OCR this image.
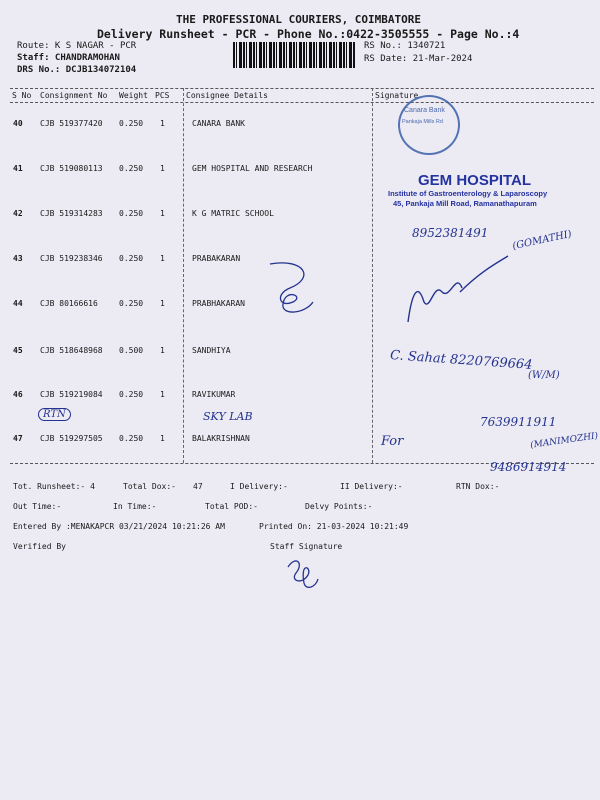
THE PROFESSIONAL COURIERS, COIMBATORE
Delivery Runsheet - PCR - Phone No.:0422-3505555 - Page No.:4
Route: K S NAGAR - PCR
Staff: CHANDRAMOHAN
DRS No.: DCJB134072104
RS No.: 1340721
RS Date: 21-Mar-2024
S No Consignment No Weight PCS Consignee Details	Signature
40 CJB 519377420 0.250 1	CANARA BANK
41 CJB 519080113 0.250 1	GEM HOSPITAL AND RESEARCH
42 CJB 519314283 0.250 1	K G MATRIC SCHOOL
43 CJB 519238346 0.250 1	PRABAKARAN
44 CJB 80166616	0.250 1	PRABHAKARAN
45 CJB 518648968 0.500 1	SANDHIYA
46 CJB 519219084 0.250 1	RAVIKUMAR
47 CJB 519297505 0.250 1	BALAKRISHNAN
Canara Bank
Pankaja Mills Rd
GEM HOSPITAL
Institute of Gastroenterology & Laparoscopy
45, Pankaja Mill Road, Ramanathapuram
(GOMATHI)
8952381491
C. Sahat 8220769664
(W/M)
RTN	SKY LAB	7639911911
For	(MANIMOZHI)
9486914914
Tot. Runsheet:- 4	Total Dox:- 47	I Delivery:-	II Delivery:-	RTN Dox:-
Out Time:-	In Time:-	Total POD:-	Delvy Points:-
Entered By :MENAKAPCR 03/21/2024 10:21:26 AM	Printed On: 21-03-2024 10:21:49
Verified By	Staff Signature
